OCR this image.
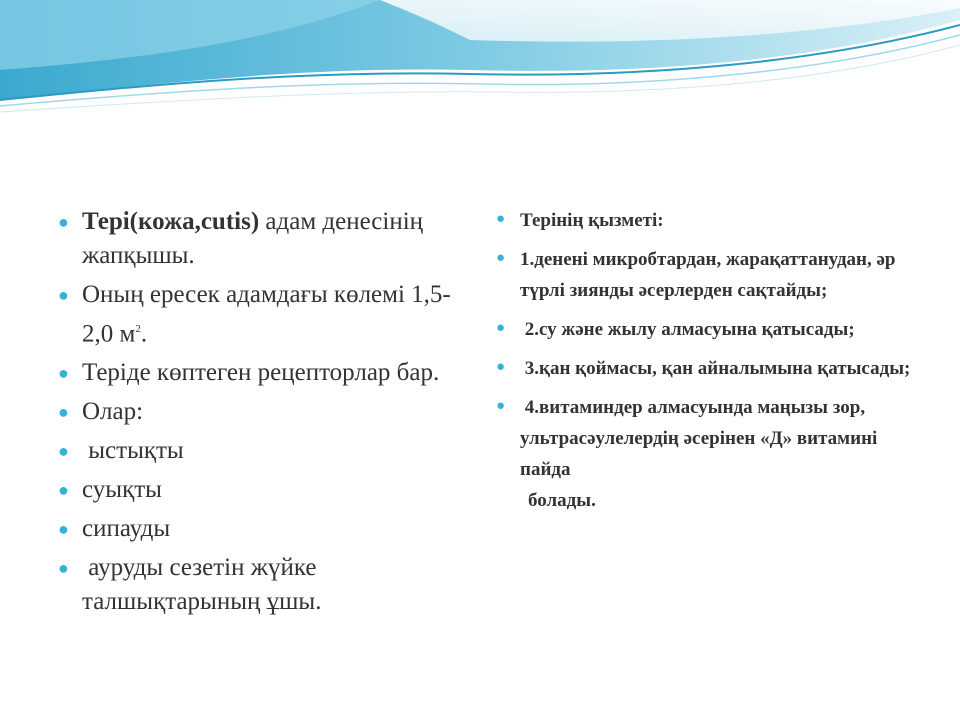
● Тері(кожа,cutis) адам денесінің жапқышы.
● Оның ересек адамдағы көлемі 1,5-2,0 $м^2$.
● Теріде көптеген рецепторлар бар.
● Олар:
● ыстықты
● суықты
● сипауды
● ауруды сезетін жүйке талшықтарының ұшы.
● Терінің қызметі:
● 1.денені микробтардан, жарақаттанудан, әр түрлі зиянды әсерлерден сақтайды;
● 2.су және жылу алмасуына қатысады;
● 3.қан қоймасы, қан айналымына қатысады;
● 4.витаминдер алмасуында маңызы зор, ультрасәулелердің әсерінен «Д» витамині пайда
болады.
